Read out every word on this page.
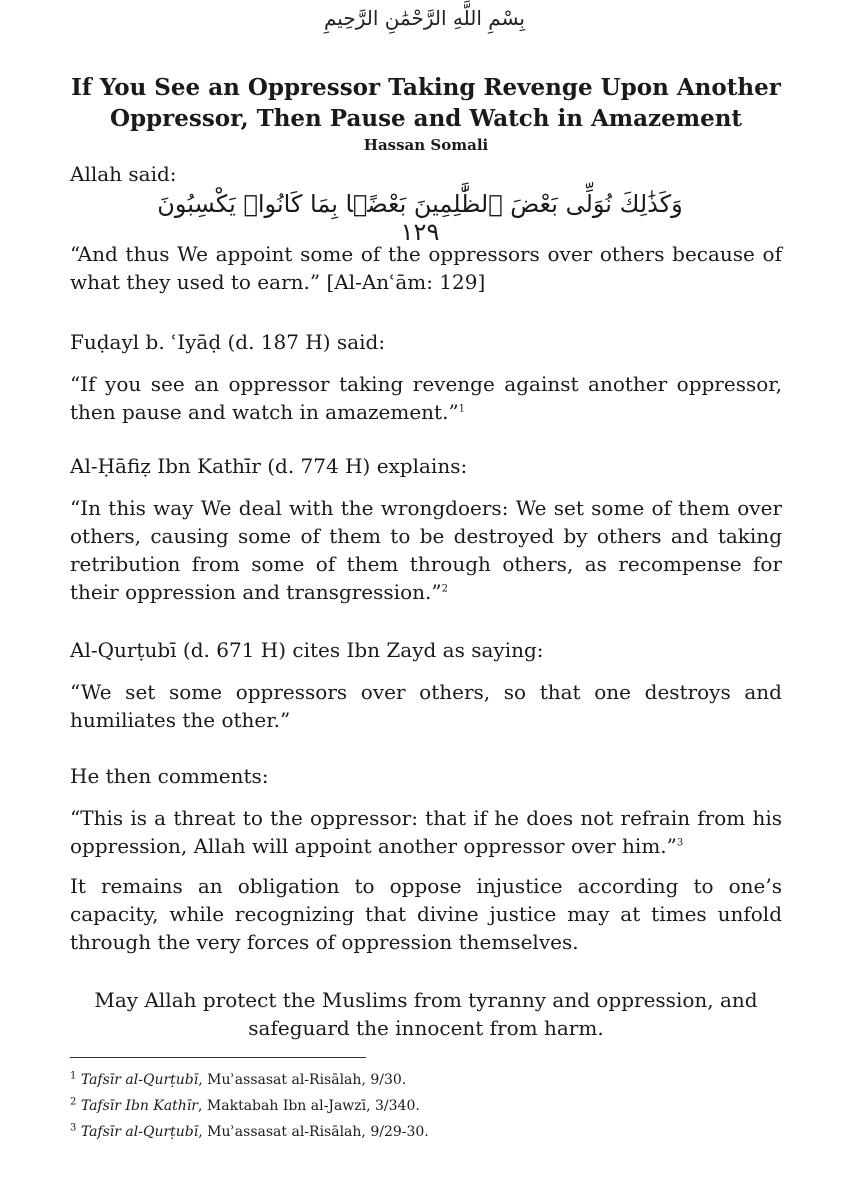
بِسْمِ اللَّهِ الرَّحْمَٰنِ الرَّحِيمِ
If You See an Oppressor Taking Revenge Upon Another
Oppressor, Then Pause and Watch in Amazement
Hassan Somali
Allah said:
وَكَذَٰلِكَ نُوَلِّى بَعْضَ ٱلظَّٰلِمِينَ بَعْضًۢا بِمَا كَانُوا۟ يَكْسِبُونَ ١٢٩
“And thus We appoint some of the oppressors over others because of what they used to earn.” [Al-Anʿām: 129]
Fuḍayl b. ʿIyāḍ (d. 187 H) said:
“If you see an oppressor taking revenge against another oppressor, then pause and watch in amazement.”$^1$
Al-Ḥāfiẓ Ibn Kathīr (d. 774 H) explains:
“In this way We deal with the wrongdoers: We set some of them over others, causing some of them to be destroyed by others and taking retribution from some of them through others, as recompense for their oppression and transgression.”$^2$
Al-Qurṭubī (d. 671 H) cites Ibn Zayd as saying:
“We set some oppressors over others, so that one destroys and humiliates the other.”
He then comments:
“This is a threat to the oppressor: that if he does not refrain from his oppression, Allah will appoint another oppressor over him.”$^3$
It remains an obligation to oppose injustice according to one’s capacity, while recognizing that divine justice may at times unfold through the very forces of oppression themselves.
May Allah protect the Muslims from tyranny and oppression, and
safeguard the innocent from harm.
$^1$ Tafsīr al-Qurṭubī, Muʾassasat al-Risālah, 9/30.
$^2$ Tafsīr Ibn Kathīr, Maktabah Ibn al-Jawzī, 3/340.
$^3$ Tafsīr al-Qurṭubī, Muʾassasat al-Risālah, 9/29-30.
